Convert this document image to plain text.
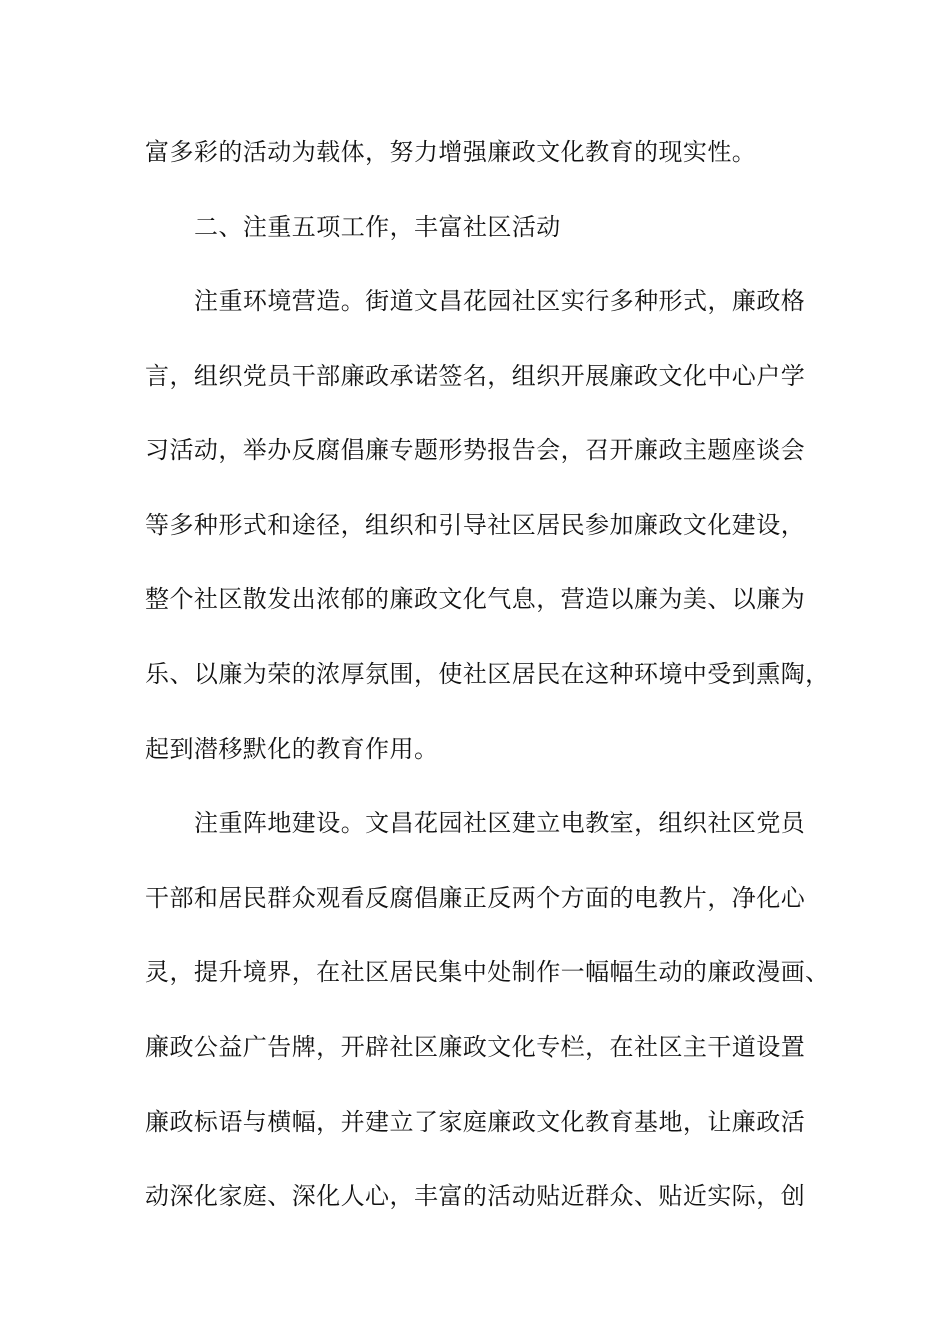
富多彩的活动为载体，努力增强廉政文化教育的现实性。
二、注重五项工作，丰富社区活动
注重环境营造。街道文昌花园社区实行多种形式，廉政格
言，组织党员干部廉政承诺签名，组织开展廉政文化中心户学
习活动，举办反腐倡廉专题形势报告会，召开廉政主题座谈会
等多种形式和途径，组织和引导社区居民参加廉政文化建设，
整个社区散发出浓郁的廉政文化气息，营造以廉为美、以廉为
乐、以廉为荣的浓厚氛围，使社区居民在这种环境中受到熏陶，
起到潜移默化的教育作用。
注重阵地建设。文昌花园社区建立电教室，组织社区党员
干部和居民群众观看反腐倡廉正反两个方面的电教片，净化心
灵，提升境界，在社区居民集中处制作一幅幅生动的廉政漫画、
廉政公益广告牌，开辟社区廉政文化专栏，在社区主干道设置
廉政标语与横幅，并建立了家庭廉政文化教育基地，让廉政活
动深化家庭、深化人心，丰富的活动贴近群众、贴近实际，创
